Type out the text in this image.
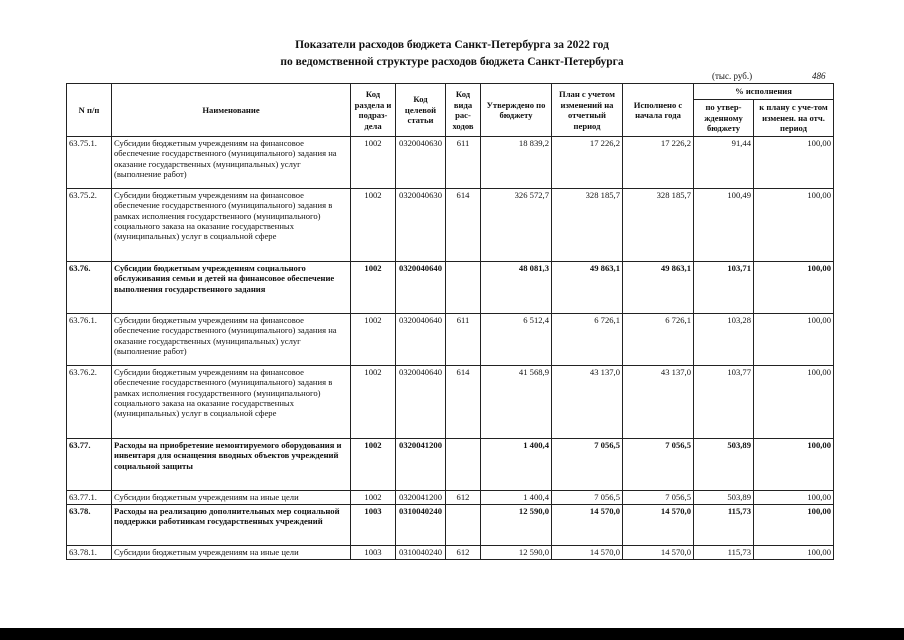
Показатели расходов бюджета Санкт-Петербурга за 2022 год
по ведомственной структуре расходов бюджета Санкт-Петербурга
(тыс. руб.)	486
N п/п	Наименование	Код раздела и подраз-дела	Код целевой статьи	Код вида рас-ходов	Утверждено по бюджету	План с учетом изменений на отчетный период	Исполнено с начала года	% исполнения	
								по утвер-жденному бюджету	к плану с уче-том изменен. на отч. период
63.75.1.	Субсидии бюджетным учреждениям на финансовое обеспечение государственного (муниципального) задания на оказание государственных (муниципальных) услуг (выполнение работ)	1002	0320040630	611	18 839,2	17 226,2	17 226,2	91,44	100,00
63.75.2.	Субсидии бюджетным учреждениям на финансовое обеспечение государственного (муниципального) задания в рамках исполнения государственного (муниципального) социального заказа на оказание государственных (муниципальных) услуг в социальной сфере	1002	0320040630	614	326 572,7	328 185,7	328 185,7	100,49	100,00
63.76.	Субсидии бюджетным учреждениям социального обслуживания семьи и детей на финансовое обеспечение выполнения государственного задания	1002	0320040640		48 081,3	49 863,1	49 863,1	103,71	100,00
63.76.1.	Субсидии бюджетным учреждениям на финансовое обеспечение государственного (муниципального) задания на оказание государственных (муниципальных) услуг (выполнение работ)	1002	0320040640	611	6 512,4	6 726,1	6 726,1	103,28	100,00
63.76.2.	Субсидии бюджетным учреждениям на финансовое обеспечение государственного (муниципального) задания в рамках исполнения государственного (муниципального) социального заказа на оказание государственных (муниципальных) услуг в социальной сфере	1002	0320040640	614	41 568,9	43 137,0	43 137,0	103,77	100,00
63.77.	Расходы на приобретение немонтируемого оборудования и инвентаря для оснащения вводных объектов учреждений социальной защиты	1002	0320041200		1 400,4	7 056,5	7 056,5	503,89	100,00
63.77.1.	Субсидии бюджетным учреждениям на иные цели	1002	0320041200	612	1 400,4	7 056,5	7 056,5	503,89	100,00
63.78.	Расходы на реализацию дополнительных мер социальной поддержки работникам государственных учреждений	1003	0310040240		12 590,0	14 570,0	14 570,0	115,73	100,00
63.78.1.	Субсидии бюджетным учреждениям на иные цели	1003	0310040240	612	12 590,0	14 570,0	14 570,0	115,73	100,00
